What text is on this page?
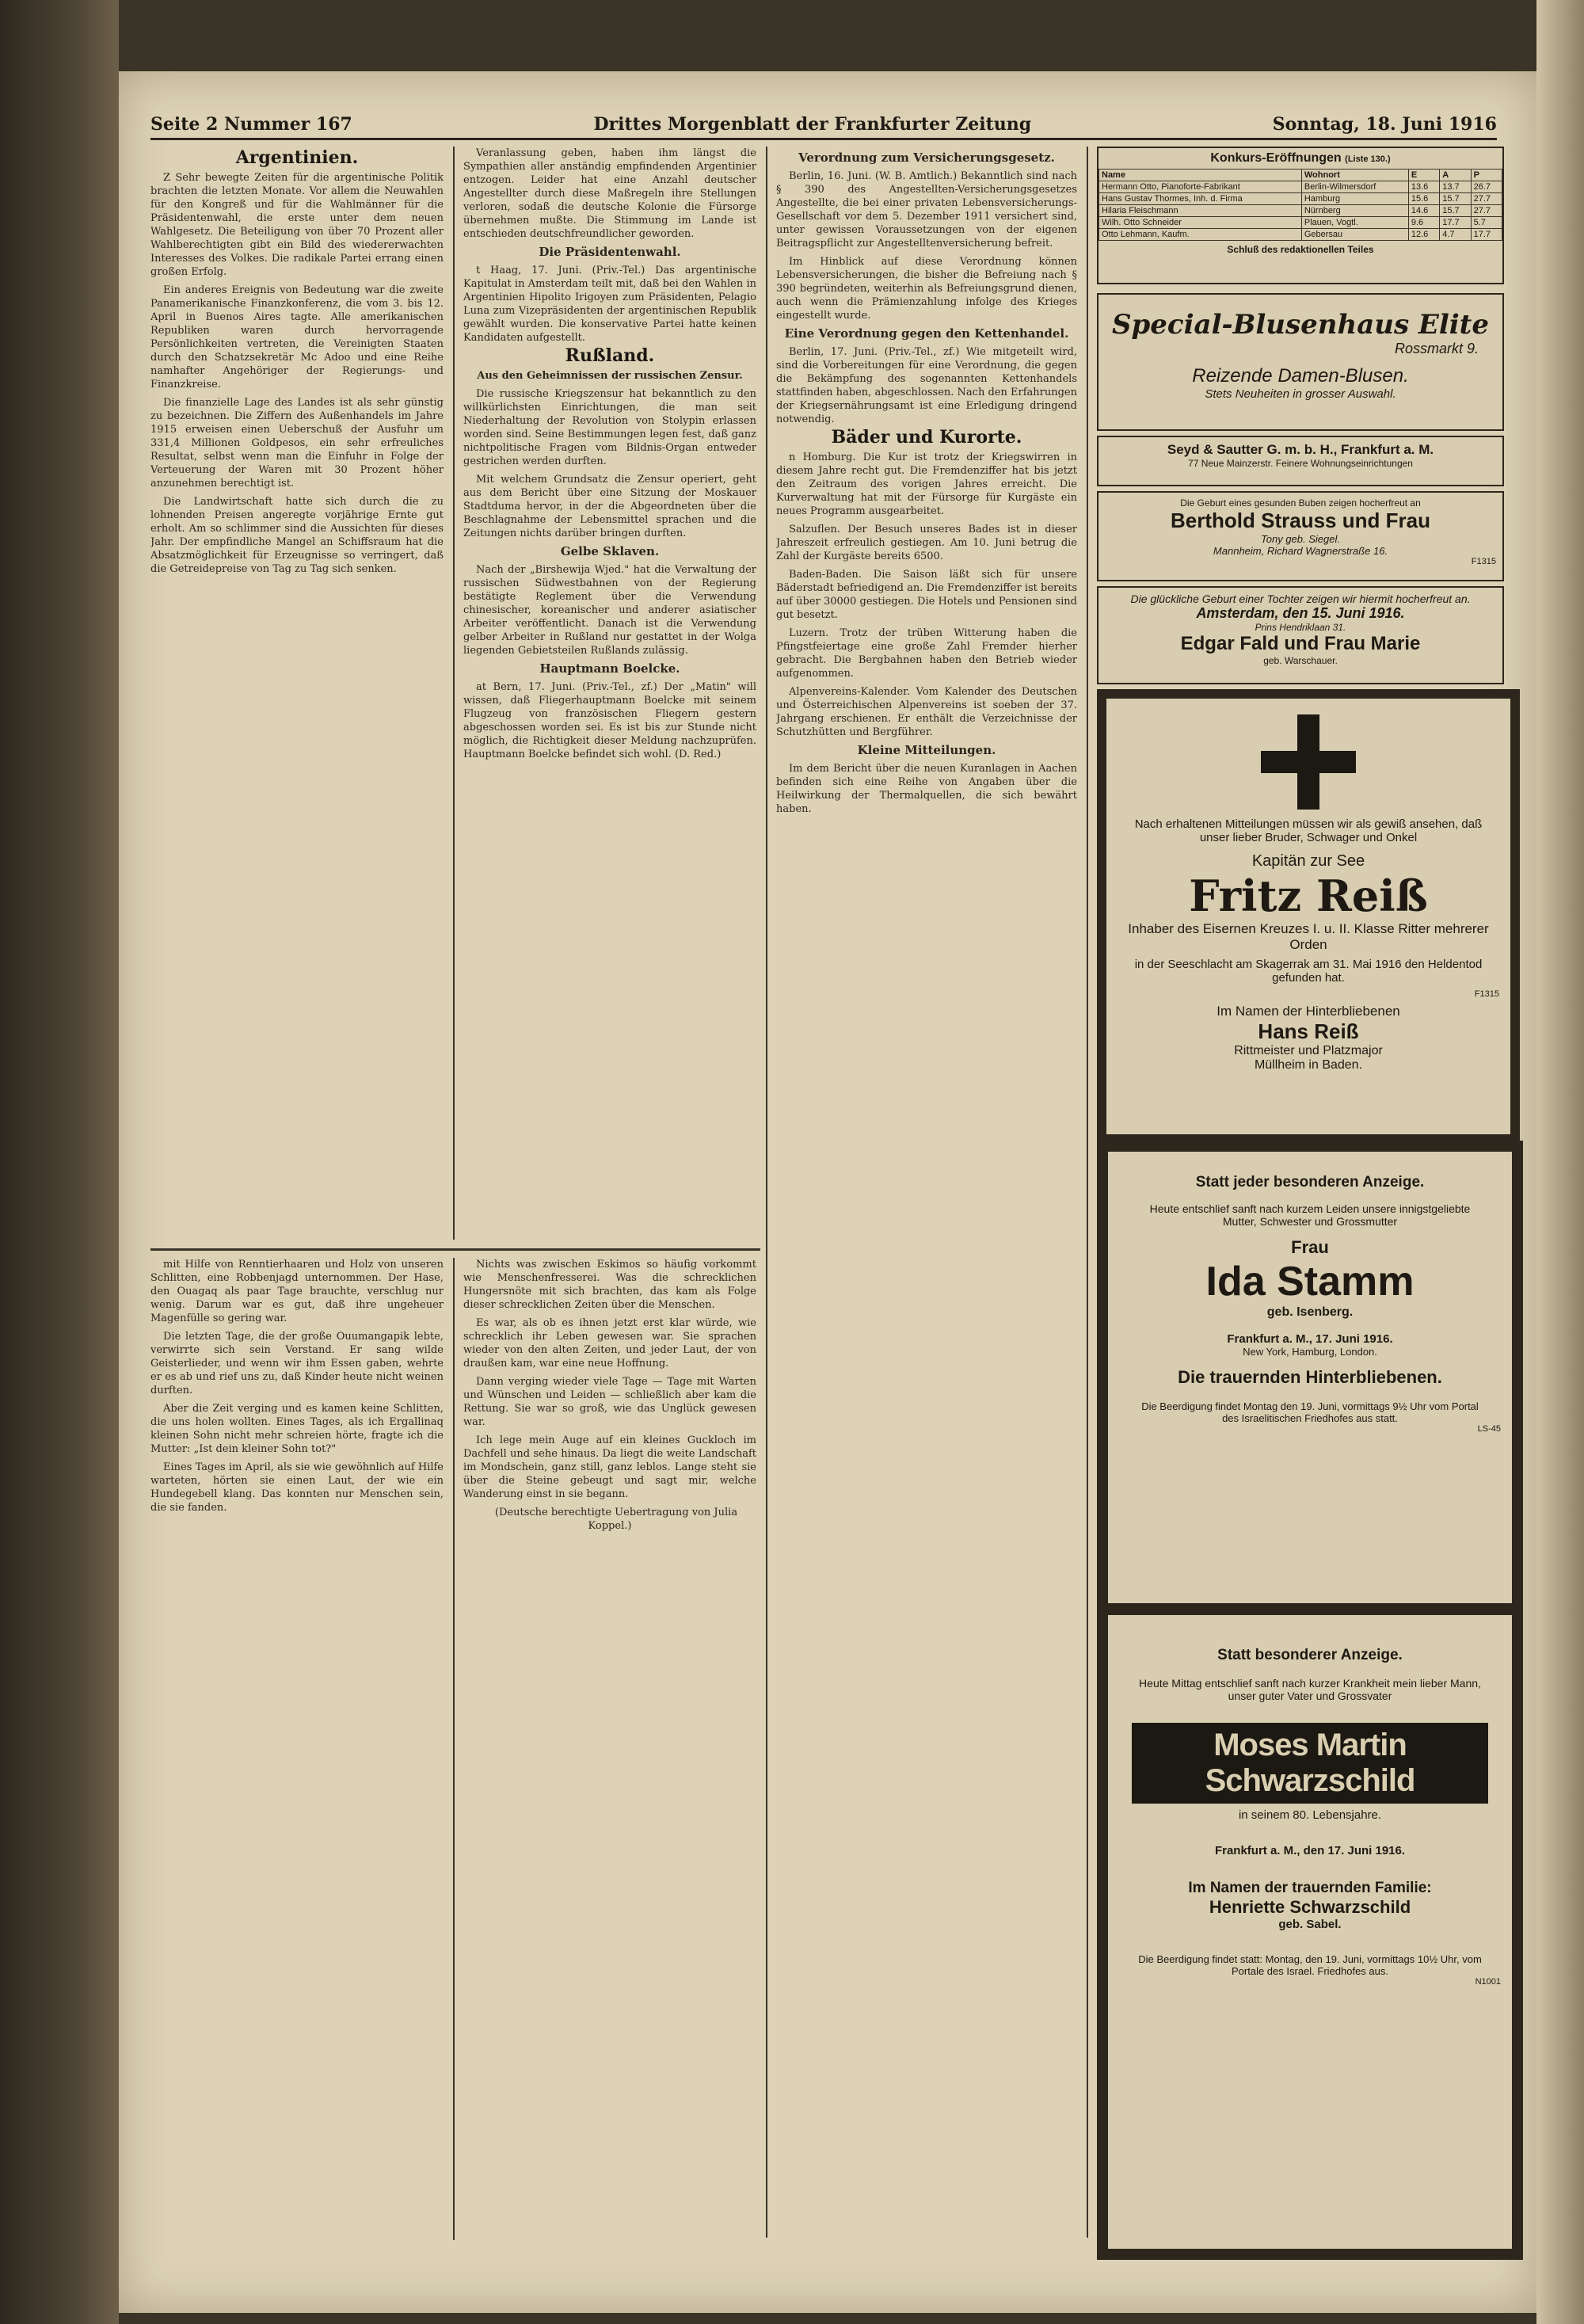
Seite 2 Nummer 167	Drittes Morgenblatt der Frankfurter Zeitung	Sonntag, 18. Juni 1916
Argentinien.

Z Sehr bewegte Zeiten für die argentinische Politik brachten die letzten Monate. Vor allem die Neuwahlen für den Kongreß und für die Wahlmänner für die Präsidentenwahl, die erste unter dem neuen Wahlgesetz. Die Beteiligung von über 70 Prozent aller Wahlberechtigten gibt ein Bild des wiedererwachten Interesses des Volkes. Die radikale Partei errang einen großen Erfolg.

Ein anderes Ereignis von Bedeutung war die zweite Panamerikanische Finanzkonferenz, die vom 3. bis 12. April in Buenos Aires tagte. Alle amerikanischen Republiken waren durch hervorragende Persönlichkeiten vertreten, die Vereinigten Staaten durch den Schatzsekretär Mc Adoo und eine Reihe namhafter Angehöriger der Regierungs- und Finanzkreise.

Die finanzielle Lage des Landes ist als sehr günstig zu bezeichnen. Die Ziffern des Außenhandels im Jahre 1915 erweisen einen Ueberschuß der Ausfuhr um 331,4 Millionen Goldpesos, ein sehr erfreuliches Resultat, selbst wenn man die Einfuhr in Folge der Verteuerung der Waren mit 30 Prozent höher anzunehmen berechtigt ist.

Die Landwirtschaft hatte sich durch die zu lohnenden Preisen angeregte vorjährige Ernte gut erholt. Am so schlimmer sind die Aussichten für dieses Jahr. Der empfindliche Mangel an Schiffsraum hat die Absatzmöglichkeit für Erzeugnisse so verringert, daß die Getreidepreise von Tag zu Tag sich senken.

Veranlassung geben, haben ihm längst die Sympathien aller anständig empfindenden Argentinier entzogen. Leider hat eine Anzahl deutscher Angestellter durch diese Maßregeln ihre Stellungen verloren, sodaß die deutsche Kolonie die Fürsorge übernehmen mußte. Die Stimmung im Lande ist entschieden deutschfreundlicher geworden.

Die Präsidentenwahl.

t Haag, 17. Juni. (Priv.-Tel.) Das argentinische Kapitulat in Amsterdam teilt mit, daß bei den Wahlen in Argentinien Hipolito Irigoyen zum Präsidenten, Pelagio Luna zum Vizepräsidenten der argentinischen Republik gewählt wurden. Die konservative Partei hatte keinen Kandidaten aufgestellt.

Rußland.
Aus den Geheimnissen der russischen Zensur.

Die russische Kriegszensur hat bekanntlich zu den willkürlichsten Einrichtungen, die man seit Niederhaltung der Revolution von Stolypin erlassen worden sind. Seine Bestimmungen legen fest, daß ganz nichtpolitische Fragen vom Bildnis-Organ entweder gestrichen werden durften.

Mit welchem Grundsatz die Zensur operiert, geht aus dem Bericht über eine Sitzung der Moskauer Stadtduma hervor, in der die Abgeordneten über die Beschlagnahme der Lebensmittel sprachen und die Zeitungen nichts darüber bringen durften.

Gelbe Sklaven.

Nach der „Birshewija Wjed." hat die Verwaltung der russischen Südwestbahnen von der Regierung bestätigte Reglement über die Verwendung chinesischer, koreanischer und anderer asiatischer Arbeiter veröffentlicht. Danach ist die Verwendung gelber Arbeiter in Rußland nur gestattet in der Wolga liegenden Gebietsteilen Rußlands zulässig.

Hauptmann Boelcke.

at Bern, 17. Juni. (Priv.-Tel., zf.) Der „Matin" will wissen, daß Fliegerhauptmann Boelcke mit seinem Flugzeug von französischen Fliegern gestern abgeschossen worden sei. Es ist bis zur Stunde nicht möglich, die Richtigkeit dieser Meldung nachzuprüfen. Hauptmann Boelcke befindet sich wohl. (D. Red.)

Verordnung zum Versicherungsgesetz.

Berlin, 16. Juni. (W. B. Amtlich.) Bekanntlich sind nach § 390 des Angestellten-Versicherungsgesetzes Angestellte, die bei einer privaten Lebensversicherungs-Gesellschaft vor dem 5. Dezember 1911 versichert sind, unter gewissen Voraussetzungen von der eigenen Beitragspflicht zur Angestelltenversicherung befreit.

Im Hinblick auf diese Verordnung können Lebensversicherungen, die bisher die Befreiung nach § 390 begründeten, weiterhin als Befreiungsgrund dienen, auch wenn die Prämienzahlung infolge des Krieges eingestellt wurde.

Eine Verordnung gegen den Kettenhandel.

Berlin, 17. Juni. (Priv.-Tel., zf.) Wie mitgeteilt wird, sind die Vorbereitungen für eine Verordnung, die gegen die Bekämpfung des sogenannten Kettenhandels stattfinden haben, abgeschlossen. Nach den Erfahrungen der Kriegsernährungsamt ist eine Erledigung dringend notwendig.

Bäder und Kurorte.

n Homburg. Die Kur ist trotz der Kriegswirren in diesem Jahre recht gut. Die Fremdenziffer hat bis jetzt den Zeitraum des vorigen Jahres erreicht. Die Kurverwaltung hat mit der Fürsorge für Kurgäste ein neues Programm ausgearbeitet.

Salzuflen. Der Besuch unseres Bades ist in dieser Jahreszeit erfreulich gestiegen. Am 10. Juni betrug die Zahl der Kurgäste bereits 6500.

Baden-Baden. Die Saison läßt sich für unsere Bäderstadt befriedigend an. Die Fremdenziffer ist bereits auf über 30000 gestiegen. Die Hotels und Pensionen sind gut besetzt.

Luzern. Trotz der trüben Witterung haben die Pfingstfeiertage eine große Zahl Fremder hierher gebracht. Die Bergbahnen haben den Betrieb wieder aufgenommen.

Alpenvereins-Kalender. Vom Kalender des Deutschen und Österreichischen Alpenvereins ist soeben der 37. Jahrgang erschienen. Er enthält die Verzeichnisse der Schutzhütten und Bergführer.

Kleine Mitteilungen.

Im dem Bericht über die neuen Kuranlagen in Aachen befinden sich eine Reihe von Angaben über die Heilwirkung der Thermalquellen, die sich bewährt haben.

mit Hilfe von Renntierhaaren und Holz von unseren Schlitten, eine Robbenjagd unternommen. Der Hase, den Ouagaq als paar Tage brauchte, verschlug nur wenig. Darum war es gut, daß ihre ungeheuer Magenfülle so gering war.

Die letzten Tage, die der große Ouumangapik lebte, verwirrte sich sein Verstand. Er sang wilde Geisterlieder, und wenn wir ihm Essen gaben, wehrte er es ab und rief uns zu, daß Kinder heute nicht weinen durften.

Aber die Zeit verging und es kamen keine Schlitten, die uns holen wollten. Eines Tages, als ich Ergallinaq kleinen Sohn nicht mehr schreien hörte, fragte ich die Mutter: „Ist dein kleiner Sohn tot?"

Eines Tages im April, als sie wie gewöhnlich auf Hilfe warteten, hörten sie einen Laut, der wie ein Hundegebell klang. Das konnten nur Menschen sein, die sie fanden.

Nichts was zwischen Eskimos so häufig vorkommt wie Menschenfresserei. Was die schrecklichen Hungersnöte mit sich brachten, das kam als Folge dieser schrecklichen Zeiten über die Menschen.

Es war, als ob es ihnen jetzt erst klar würde, wie schrecklich ihr Leben gewesen war. Sie sprachen wieder von den alten Zeiten, und jeder Laut, der von draußen kam, war eine neue Hoffnung.

Dann verging wieder viele Tage — Tage mit Warten und Wünschen und Leiden — schließlich aber kam die Rettung. Sie war so groß, wie das Unglück gewesen war.

Ich lege mein Auge auf ein kleines Guckloch im Dachfell und sehe hinaus. Da liegt die weite Landschaft im Mondschein, ganz still, ganz leblos. Lange steht sie über die Steine gebeugt und sagt mir, welche Wanderung einst in sie begann.

(Deutsche berechtigte Uebertragung von Julia Koppel.)

Konkurs-Eröffnungen (Liste 130.)
Name	Wohnort	E	A	P
Hermann Otto, Pianoforte-Fabrikant	Berlin-Wilmersdorf	13.6	13.7	26.7
Hans Gustav Thormes, Inh. d. Firma	Hamburg	15.6	15.7	27.7
Hilaria Fleischmann	Nürnberg	14.6	15.7	27.7
Wilh. Otto Schneider	Plauen, Vogtl.	9.6	17.7	5.7
Otto Lehmann, Kaufm.	Gebersau	12.6	4.7	17.7
Schluß des redaktionellen Teiles
Special-Blusenhaus Elite
Rossmarkt 9.
Reizende Damen-Blusen.
Stets Neuheiten in grosser Auswahl.
Seyd & Sautter G. m. b. H., Frankfurt a. M.
77 Neue Mainzerstr. Feinere Wohnungseinrichtungen
Die Geburt eines gesunden Buben zeigen hocherfreut an
Berthold Strauss und Frau
Tony geb. Siegel.
Mannheim, Richard Wagnerstraße 16.
F1315
Die glückliche Geburt einer Tochter zeigen wir hiermit hocherfreut an.
Amsterdam, den 15. Juni 1916.
Prins Hendriklaan 31.
Edgar Fald und Frau Marie
geb. Warschauer.
Nach erhaltenen Mitteilungen müssen wir als gewiß ansehen, daß unser lieber Bruder, Schwager und Onkel
Kapitän zur See
Fritz Reiß
Inhaber des Eisernen Kreuzes I. u. II. Klasse Ritter mehrerer Orden
in der Seeschlacht am Skagerrak am 31. Mai 1916 den Heldentod gefunden hat.
F1315
Im Namen der Hinterbliebenen
Hans Reiß
Rittmeister und Platzmajor
Müllheim in Baden.
Statt jeder besonderen Anzeige.
Heute entschlief sanft nach kurzem Leiden unsere innigstgeliebte Mutter, Schwester und Grossmutter
Frau
Ida Stamm
geb. Isenberg.
Frankfurt a. M., 17. Juni 1916.
New York, Hamburg, London.
Die trauernden Hinterbliebenen.
Die Beerdigung findet Montag den 19. Juni, vormittags 9½ Uhr vom Portal des Israelitischen Friedhofes aus statt.
LS-45
Statt besonderer Anzeige.
Heute Mittag entschlief sanft nach kurzer Krankheit mein lieber Mann, unser guter Vater und Grossvater
Moses Martin Schwarzschild
in seinem 80. Lebensjahre.
Frankfurt a. M., den 17. Juni 1916.
Im Namen der trauernden Familie:
Henriette Schwarzschild
geb. Sabel.
Die Beerdigung findet statt: Montag, den 19. Juni, vormittags 10½ Uhr, vom Portale des Israel. Friedhofes aus.
N1001
